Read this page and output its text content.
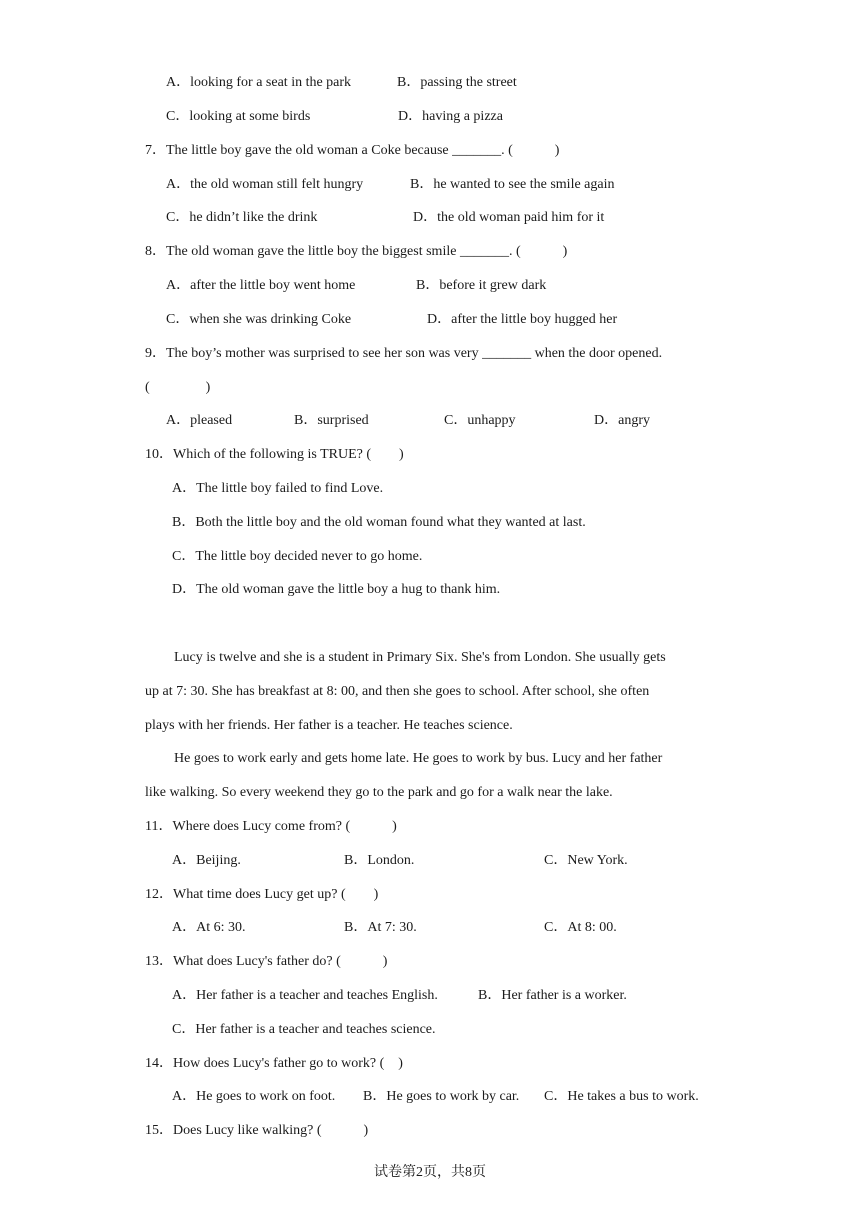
A．looking for a seat in the park	B．passing the street
C．looking at some birds	D．having a pizza
7．The little boy gave the old woman a Coke because _______. (　　　)
A．the old woman still felt hungry	B．he wanted to see the smile again
C．he didn’t like the drink	D．the old woman paid him for it
8．The old woman gave the little boy the biggest smile _______. (　　　)
A．after the little boy went home	B．before it grew dark
C．when she was drinking Coke	D．after the little boy hugged her
9．The boy’s mother was surprised to see her son was very _______ when the door opened.
(　　　　)
A．pleased	B．surprised	C．unhappy	D．angry
10．Which of the following is TRUE? (　　)
A．The little boy failed to find Love.
B．Both the little boy and the old woman found what they wanted at last.
C．The little boy decided never to go home.
D．The old woman gave the little boy a hug to thank him.
Lucy is twelve and she is a student in Primary Six. She's from London. She usually gets
up at 7: 30. She has breakfast at 8: 00, and then she goes to school. After school, she often
plays with her friends. Her father is a teacher. He teaches science.
He goes to work early and gets home late. He goes to work by bus. Lucy and her father
like walking. So every weekend they go to the park and go for a walk near the lake.
11．Where does Lucy come from? (　　　)
A．Beijing.	B．London.	C．New York.
12．What time does Lucy get up? (　　)
A．At 6: 30.	B．At 7: 30.	C．At 8: 00.
13．What does Lucy's father do? (　　　)
A．Her father is a teacher and teaches English.	B．Her father is a worker.
C．Her father is a teacher and teaches science.
14．How does Lucy's father go to work? (　)
A．He goes to work on foot. B．He goes to work by car. C．He takes a bus to work.
15．Does Lucy like walking? (　　　)
试卷第2页，共8页
